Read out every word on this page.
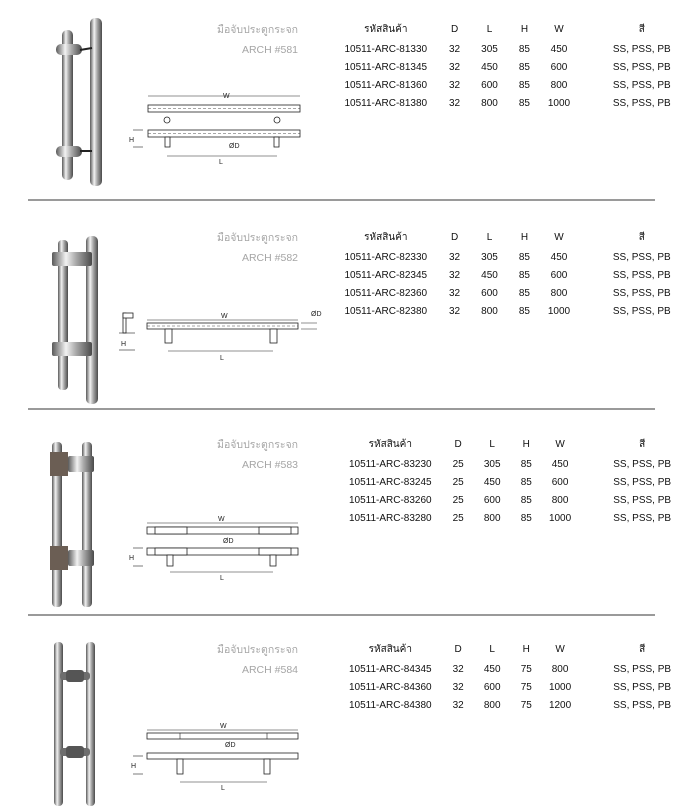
มือจับประตูกระจก
ARCH #581
W
H
ØD
L
รหัสสินค้า	D	L	H	W	สี
10511-ARC-81330	32	305	85	450	SS, PSS, PB
10511-ARC-81345	32	450	85	600	SS, PSS, PB
10511-ARC-81360	32	600	85	800	SS, PSS, PB
10511-ARC-81380	32	800	85	1000	SS, PSS, PB
มือจับประตูกระจก
ARCH #582
H
W	ØD
L
รหัสสินค้า	D	L	H	W	สี
10511-ARC-82330	32	305	85	450	SS, PSS, PB
10511-ARC-82345	32	450	85	600	SS, PSS, PB
10511-ARC-82360	32	600	85	800	SS, PSS, PB
10511-ARC-82380	32	800	85	1000	SS, PSS, PB
มือจับประตูกระจก
ARCH #583
W
ØD
H
L
รหัสสินค้า	D	L	H	W	สี
10511-ARC-83230	25	305	85	450	SS, PSS, PB
10511-ARC-83245	25	450	85	600	SS, PSS, PB
10511-ARC-83260	25	600	85	800	SS, PSS, PB
10511-ARC-83280	25	800	85	1000	SS, PSS, PB
มือจับประตูกระจก
ARCH #584
W
ØD
H
L
รหัสสินค้า	D	L	H	W	สี
10511-ARC-84345	32	450	75	800	SS, PSS, PB
10511-ARC-84360	32	600	75	1000	SS, PSS, PB
10511-ARC-84380	32	800	75	1200	SS, PSS, PB
